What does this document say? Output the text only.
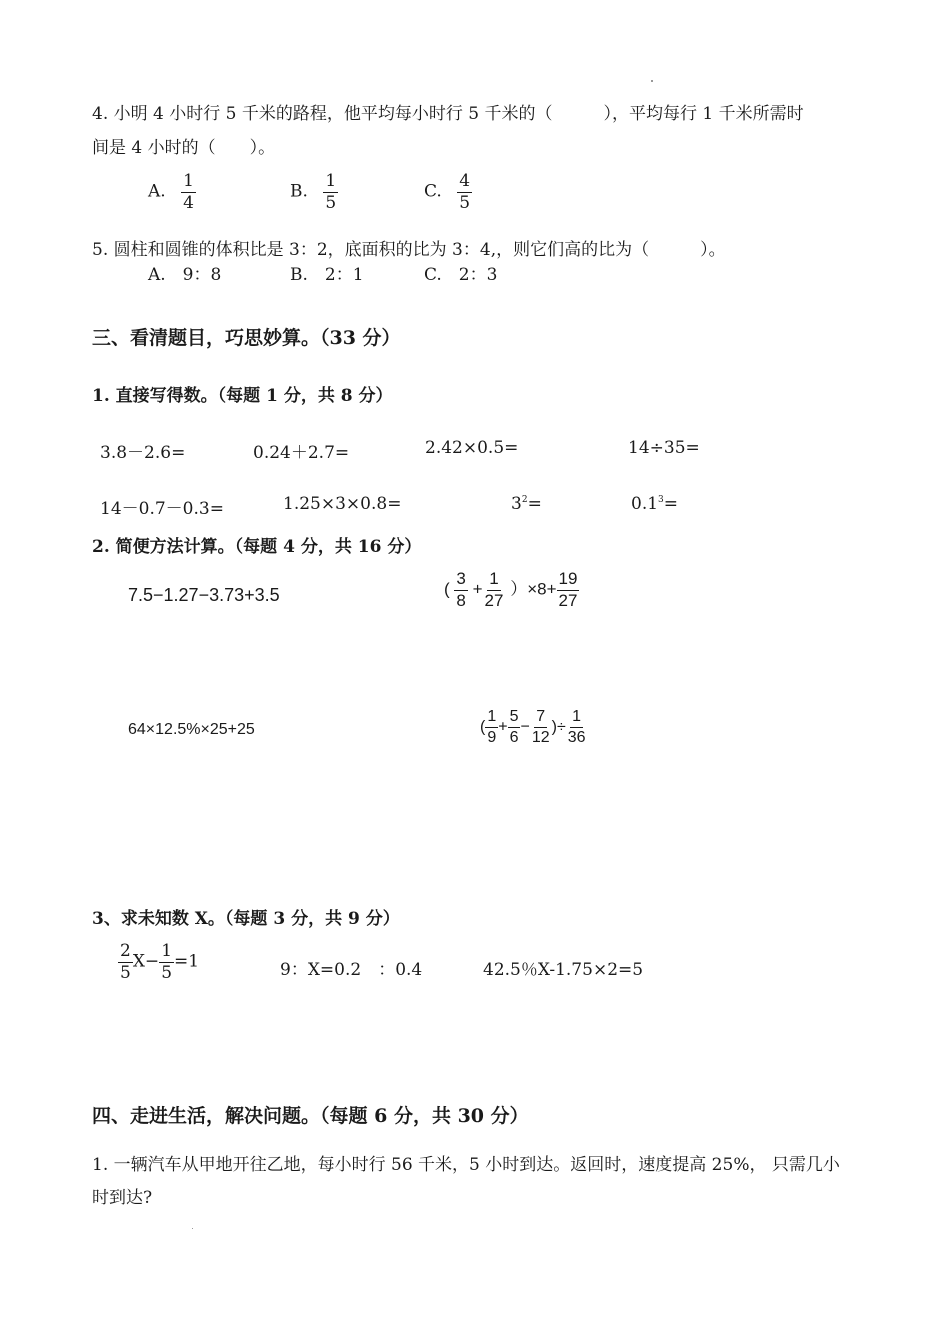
4. 小明 4 小时行 5 千米的路程，他平均每小时行 5 千米的（　　　），平均每行 1 千米所需时
间是 4 小时的（　　）。
A. $\frac{1}{4}$	B. $\frac{1}{5}$	C. $\frac{4}{5}$
5. 圆柱和圆锥的体积比是 3：2，底面积的比为 3：4,，则它们高的比为（　　　）。
A.　9：8	B.　2：1	C.　2：3
三、看清题目，巧思妙算。（33 分）
1. 直接写得数。（每题 1 分，共 8 分）
3.8－2.6=	0.24＋2.7=	2.42×0.5=	14÷35=
14－0.7－0.3=	1.25×3×0.8=	$3^2=$	$0.1^3=$
2. 简便方法计算。（每题 4 分，共 16 分）
7.5−1.27−3.73+3.5	( $\frac{3}{8} + \frac{1}{27} )\times 8+ \frac{19}{27}$
64×12.5%×25+25	( $\frac{1}{9} + \frac{5}{6} - \frac{7}{12}$ )÷ $\frac{1}{36}$
3、求未知数 X。（每题 3 分，共 9 分）
$\frac{2}{5} X- \frac{1}{5} =1$	9：X=0.2　：0.4	42.5％X-1.75×2=5
四、走进生活，解决问题。（每题 6 分，共 30 分）
1. 一辆汽车从甲地开往乙地，每小时行 56 千米，5 小时到达。返回时，速度提高 25%， 只需几小
时到达?
